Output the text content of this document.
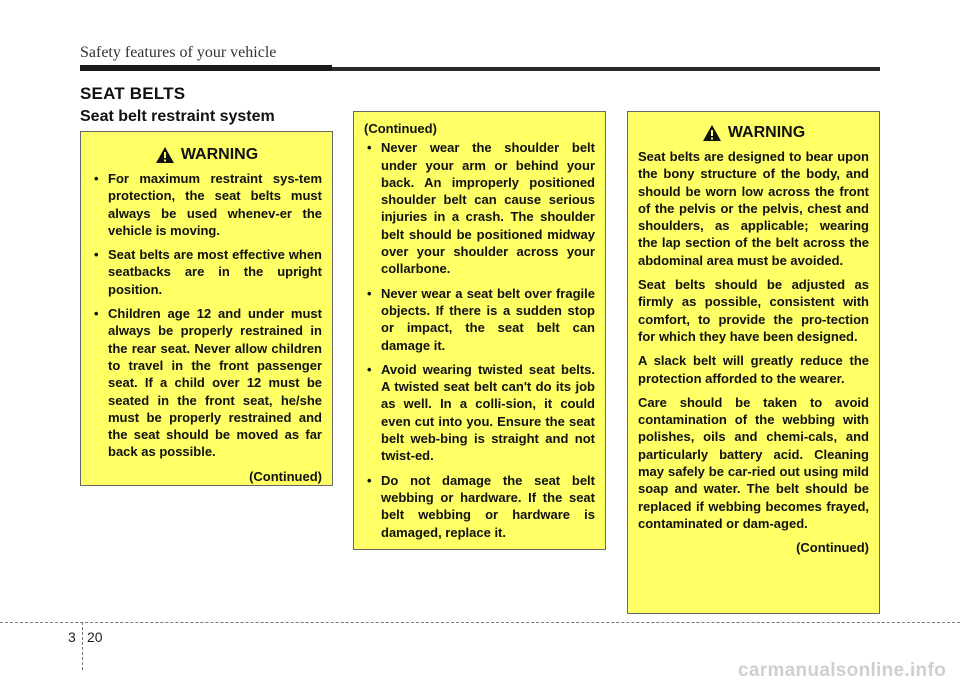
Safety features of your vehicle
SEAT BELTS
Seat belt restraint system
WARNING
• For maximum restraint sys-tem protection, the seat belts must always be used whenev-er the vehicle is moving.
• Seat belts are most effective when seatbacks are in the upright position.
• Children age 12 and under must always be properly restrained in the rear seat. Never allow children to travel in the front passenger seat. If a child over 12 must be seated in the front seat, he/she must be properly restrained and the seat should be moved as far back as possible.
(Continued)
(Continued)
• Never wear the shoulder belt under your arm or behind your back. An improperly positioned shoulder belt can cause serious injuries in a crash. The shoulder belt should be positioned midway over your shoulder across your collarbone.
• Never wear a seat belt over fragile objects. If there is a sudden stop or impact, the seat belt can damage it.
• Avoid wearing twisted seat belts. A twisted seat belt can't do its job as well. In a colli-sion, it could even cut into you. Ensure the seat belt web-bing is straight and not twist-ed.
• Do not damage the seat belt webbing or hardware. If the seat belt webbing or hardware is damaged, replace it.
WARNING

Seat belts are designed to bear upon the bony structure of the body, and should be worn low across the front of the pelvis or the pelvis, chest and shoulders, as applicable; wearing the lap section of the belt across the abdominal area must be avoided.

Seat belts should be adjusted as firmly as possible, consistent with comfort, to provide the pro-tection for which they have been designed.

A slack belt will greatly reduce the protection afforded to the wearer.

Care should be taken to avoid contamination of the webbing with polishes, oils and chemi-cals, and particularly battery acid. Cleaning may safely be car-ried out using mild soap and water. The belt should be replaced if webbing becomes frayed, contaminated or dam-aged.

(Continued)
3 20
carmanualsonline.info
